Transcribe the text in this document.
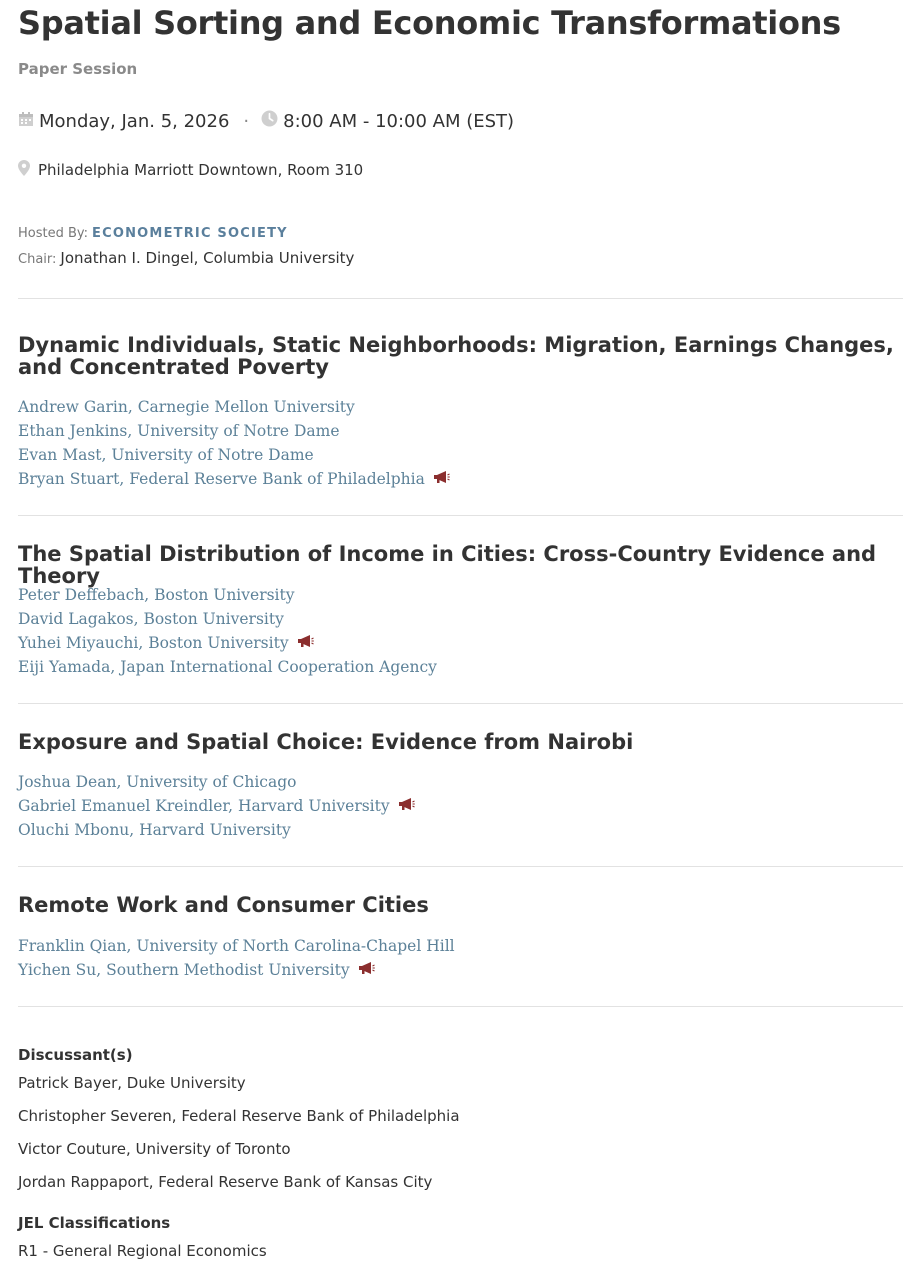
Spatial Sorting and Economic Transformations
Paper Session
Monday, Jan. 5, 2026 · 8:00 AM - 10:00 AM (EST)
Philadelphia Marriott Downtown, Room 310
Hosted By: ECONOMETRIC SOCIETY
Chair: Jonathan I. Dingel, Columbia University
Dynamic Individuals, Static Neighborhoods: Migration, Earnings Changes, and Concentrated Poverty
Andrew Garin, Carnegie Mellon University
Ethan Jenkins, University of Notre Dame
Evan Mast, University of Notre Dame
Bryan Stuart, Federal Reserve Bank of Philadelphia
The Spatial Distribution of Income in Cities: Cross-Country Evidence and Theory
Peter Deffebach, Boston University
David Lagakos, Boston University
Yuhei Miyauchi, Boston University
Eiji Yamada, Japan International Cooperation Agency
Exposure and Spatial Choice: Evidence from Nairobi
Joshua Dean, University of Chicago
Gabriel Emanuel Kreindler, Harvard University
Oluchi Mbonu, Harvard University
Remote Work and Consumer Cities
Franklin Qian, University of North Carolina-Chapel Hill
Yichen Su, Southern Methodist University
Discussant(s)
Patrick Bayer, Duke University
Christopher Severen, Federal Reserve Bank of Philadelphia
Victor Couture, University of Toronto
Jordan Rappaport, Federal Reserve Bank of Kansas City
JEL Classifications
R1 - General Regional Economics
